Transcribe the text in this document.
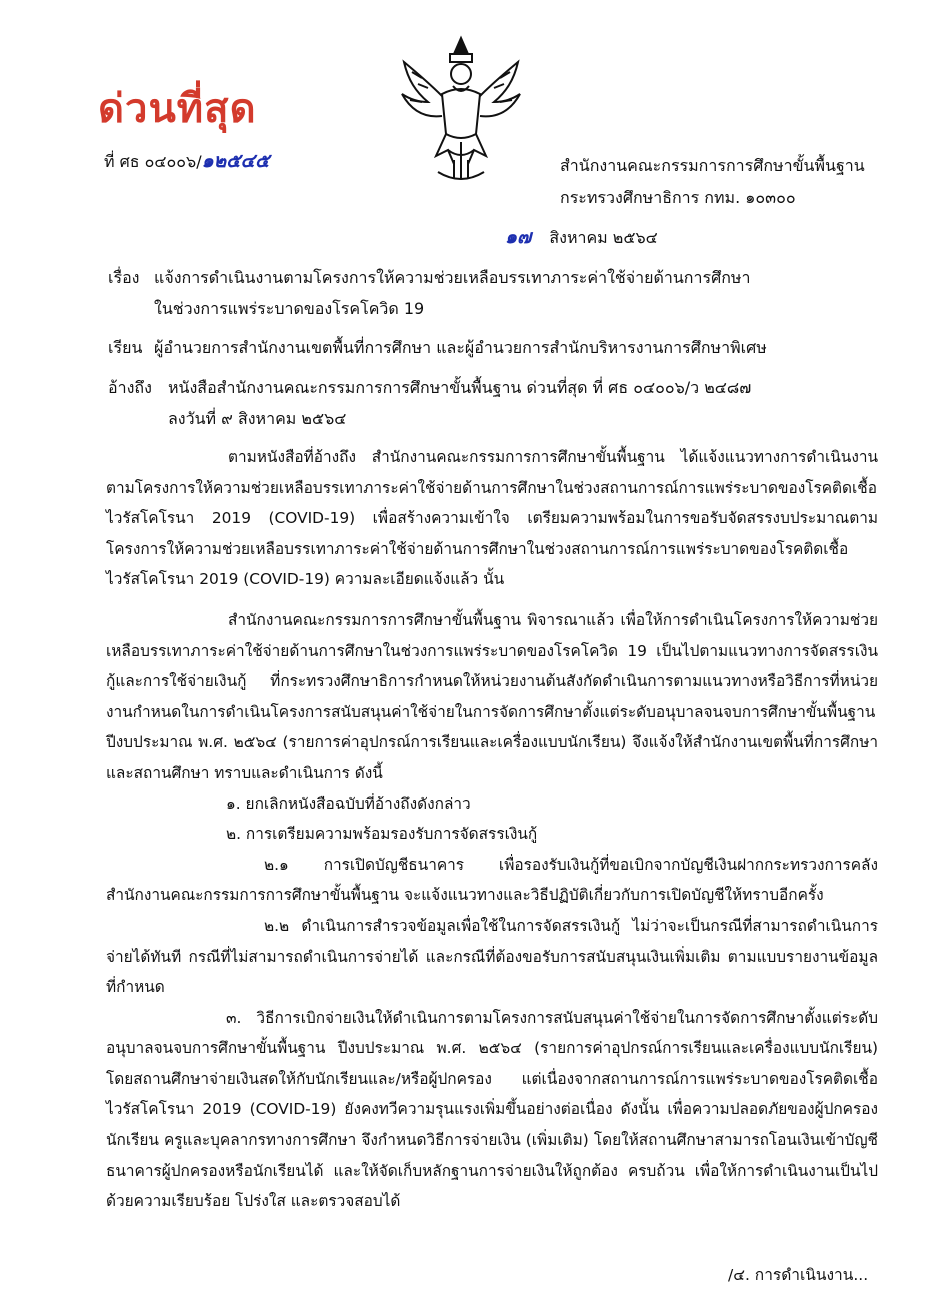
ด่วนที่สุด
ที่ ศธ ๐๔๐๐๖/๑๒๕๔๕	สำนักงานคณะกรรมการการศึกษาขั้นพื้นฐาน
กระทรวงศึกษาธิการ กทม. ๑๐๓๐๐
๑๗ สิงหาคม ๒๕๖๔
เรื่อง แจ้งการดำเนินงานตามโครงการให้ความช่วยเหลือบรรเทาภาระค่าใช้จ่ายด้านการศึกษา
ในช่วงการแพร่ระบาดของโรคโควิด 19
เรียน ผู้อำนวยการสำนักงานเขตพื้นที่การศึกษา และผู้อำนวยการสำนักบริหารงานการศึกษาพิเศษ
อ้างถึง หนังสือสำนักงานคณะกรรมการการศึกษาขั้นพื้นฐาน ด่วนที่สุด ที่ ศธ ๐๔๐๐๖/ว ๒๔๘๗
ลงวันที่ ๙ สิงหาคม ๒๕๖๔

ตามหนังสือที่อ้างถึง สำนักงานคณะกรรมการการศึกษาขั้นพื้นฐาน ได้แจ้งแนวทางการดำเนินงานตามโครงการให้ความช่วยเหลือบรรเทาภาระค่าใช้จ่ายด้านการศึกษาในช่วงสถานการณ์การแพร่ระบาดของโรคติดเชื้อไวรัสโคโรนา 2019 (COVID-19) เพื่อสร้างความเข้าใจ เตรียมความพร้อมในการขอรับจัดสรรงบประมาณตามโครงการให้ความช่วยเหลือบรรเทาภาระค่าใช้จ่ายด้านการศึกษาในช่วงสถานการณ์การแพร่ระบาดของโรคติดเชื้อไวรัสโคโรนา 2019 (COVID-19) ความละเอียดแจ้งแล้ว นั้น

สำนักงานคณะกรรมการการศึกษาขั้นพื้นฐาน พิจารณาแล้ว เพื่อให้การดำเนินโครงการให้ความช่วยเหลือบรรเทาภาระค่าใช้จ่ายด้านการศึกษาในช่วงการแพร่ระบาดของโรคโควิด 19 เป็นไปตามแนวทางการจัดสรรเงินกู้และการใช้จ่ายเงินกู้ ที่กระทรวงศึกษาธิการกำหนดให้หน่วยงานต้นสังกัดดำเนินการตามแนวทางหรือวิธีการที่หน่วยงานกำหนดในการดำเนินโครงการสนับสนุนค่าใช้จ่ายในการจัดการศึกษาตั้งแต่ระดับอนุบาลจนจบการศึกษาขั้นพื้นฐาน ปีงบประมาณ พ.ศ. ๒๕๖๔ (รายการค่าอุปกรณ์การเรียนและเครื่องแบบนักเรียน) จึงแจ้งให้สำนักงานเขตพื้นที่การศึกษาและสถานศึกษา ทราบและดำเนินการ ดังนี้

๑. ยกเลิกหนังสือฉบับที่อ้างถึงดังกล่าว

๒. การเตรียมความพร้อมรองรับการจัดสรรเงินกู้

๒.๑ การเปิดบัญชีธนาคาร เพื่อรองรับเงินกู้ที่ขอเบิกจากบัญชีเงินฝากกระทรวงการคลัง สำนักงานคณะกรรมการการศึกษาขั้นพื้นฐาน จะแจ้งแนวทางและวิธีปฏิบัติเกี่ยวกับการเปิดบัญชีให้ทราบอีกครั้ง

๒.๒ ดำเนินการสำรวจข้อมูลเพื่อใช้ในการจัดสรรเงินกู้ ไม่ว่าจะเป็นกรณีที่สามารถดำเนินการจ่ายได้ทันที กรณีที่ไม่สามารถดำเนินการจ่ายได้ และกรณีที่ต้องขอรับการสนับสนุนเงินเพิ่มเติม ตามแบบรายงานข้อมูลที่กำหนด

๓. วิธีการเบิกจ่ายเงินให้ดำเนินการตามโครงการสนับสนุนค่าใช้จ่ายในการจัดการศึกษาตั้งแต่ระดับอนุบาลจนจบการศึกษาขั้นพื้นฐาน ปีงบประมาณ พ.ศ. ๒๕๖๔ (รายการค่าอุปกรณ์การเรียนและเครื่องแบบนักเรียน) โดยสถานศึกษาจ่ายเงินสดให้กับนักเรียนและ/หรือผู้ปกครอง แต่เนื่องจากสถานการณ์การแพร่ระบาดของโรคติดเชื้อไวรัสโคโรนา 2019 (COVID-19) ยังคงทวีความรุนแรงเพิ่มขึ้นอย่างต่อเนื่อง ดังนั้น เพื่อความปลอดภัยของผู้ปกครอง นักเรียน ครูและบุคลากรทางการศึกษา จึงกำหนดวิธีการจ่ายเงิน (เพิ่มเติม) โดยให้สถานศึกษาสามารถโอนเงินเข้าบัญชีธนาคารผู้ปกครองหรือนักเรียนได้ และให้จัดเก็บหลักฐานการจ่ายเงินให้ถูกต้อง ครบถ้วน เพื่อให้การดำเนินงานเป็นไปด้วยความเรียบร้อย โปร่งใส และตรวจสอบได้

/๔. การดำเนินงาน...
